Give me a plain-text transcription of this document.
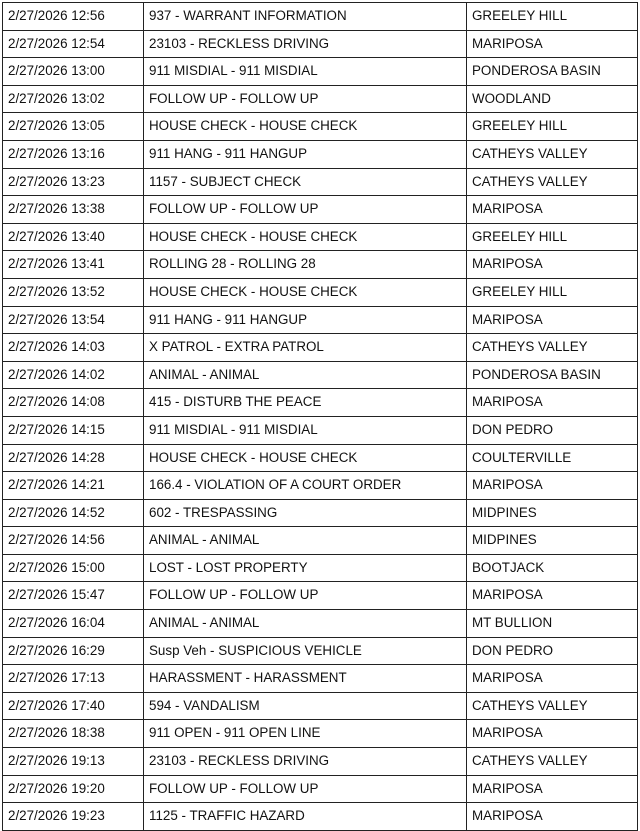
2/27/2026 12:56	937 - WARRANT INFORMATION	GREELEY HILL
2/27/2026 12:54	23103 - RECKLESS DRIVING	MARIPOSA
2/27/2026 13:00	911 MISDIAL - 911 MISDIAL	PONDEROSA BASIN
2/27/2026 13:02	FOLLOW UP - FOLLOW UP	WOODLAND
2/27/2026 13:05	HOUSE CHECK - HOUSE CHECK	GREELEY HILL
2/27/2026 13:16	911 HANG - 911 HANGUP	CATHEYS VALLEY
2/27/2026 13:23	1157 - SUBJECT CHECK	CATHEYS VALLEY
2/27/2026 13:38	FOLLOW UP - FOLLOW UP	MARIPOSA
2/27/2026 13:40	HOUSE CHECK - HOUSE CHECK	GREELEY HILL
2/27/2026 13:41	ROLLING 28 - ROLLING 28	MARIPOSA
2/27/2026 13:52	HOUSE CHECK - HOUSE CHECK	GREELEY HILL
2/27/2026 13:54	911 HANG - 911 HANGUP	MARIPOSA
2/27/2026 14:03	X PATROL - EXTRA PATROL	CATHEYS VALLEY
2/27/2026 14:02	ANIMAL - ANIMAL	PONDEROSA BASIN
2/27/2026 14:08	415 - DISTURB THE PEACE	MARIPOSA
2/27/2026 14:15	911 MISDIAL - 911 MISDIAL	DON PEDRO
2/27/2026 14:28	HOUSE CHECK - HOUSE CHECK	COULTERVILLE
2/27/2026 14:21	166.4 - VIOLATION OF A COURT ORDER	MARIPOSA
2/27/2026 14:52	602 - TRESPASSING	MIDPINES
2/27/2026 14:56	ANIMAL - ANIMAL	MIDPINES
2/27/2026 15:00	LOST - LOST PROPERTY	BOOTJACK
2/27/2026 15:47	FOLLOW UP - FOLLOW UP	MARIPOSA
2/27/2026 16:04	ANIMAL - ANIMAL	MT BULLION
2/27/2026 16:29	Susp Veh - SUSPICIOUS VEHICLE	DON PEDRO
2/27/2026 17:13	HARASSMENT - HARASSMENT	MARIPOSA
2/27/2026 17:40	594 - VANDALISM	CATHEYS VALLEY
2/27/2026 18:38	911 OPEN - 911 OPEN LINE	MARIPOSA
2/27/2026 19:13	23103 - RECKLESS DRIVING	CATHEYS VALLEY
2/27/2026 19:20	FOLLOW UP - FOLLOW UP	MARIPOSA
2/27/2026 19:23	1125 - TRAFFIC HAZARD	MARIPOSA
